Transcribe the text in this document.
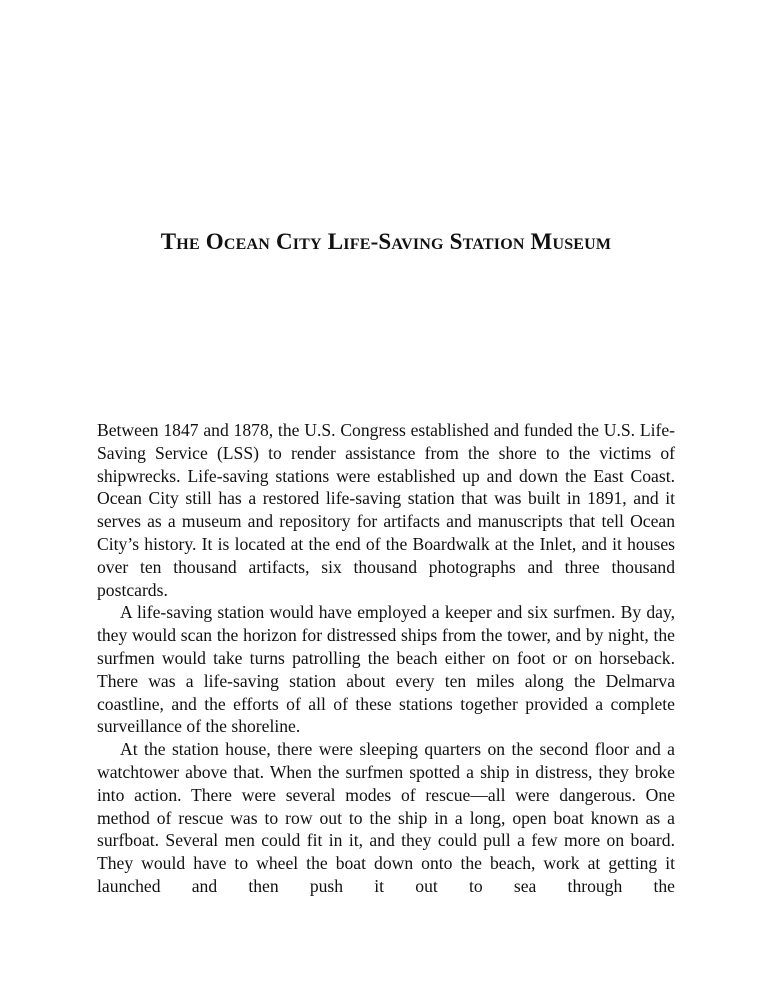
The Ocean City Life-Saving Station Museum

Between 1847 and 1878, the U.S. Congress established and funded the U.S. Life-Saving Service (LSS) to render assistance from the shore to the victims of shipwrecks. Life-saving stations were established up and down the East Coast. Ocean City still has a restored life-saving station that was built in 1891, and it serves as a museum and repository for artifacts and manuscripts that tell Ocean City’s history. It is located at the end of the Boardwalk at the Inlet, and it houses over ten thousand artifacts, six thousand photographs and three thousand postcards.

A life-saving station would have employed a keeper and six surfmen. By day, they would scan the horizon for distressed ships from the tower, and by night, the surfmen would take turns patrolling the beach either on foot or on horseback. There was a life-saving station about every ten miles along the Delmarva coastline, and the efforts of all of these stations together provided a complete surveillance of the shoreline.

At the station house, there were sleeping quarters on the second floor and a watchtower above that. When the surfmen spotted a ship in distress, they broke into action. There were several modes of rescue—all were dangerous. One method of rescue was to row out to the ship in a long, open boat known as a surfboat. Several men could fit in it, and they could pull a few more on board. They would have to wheel the boat down onto the beach, work at getting it launched and then push it out to sea through the
